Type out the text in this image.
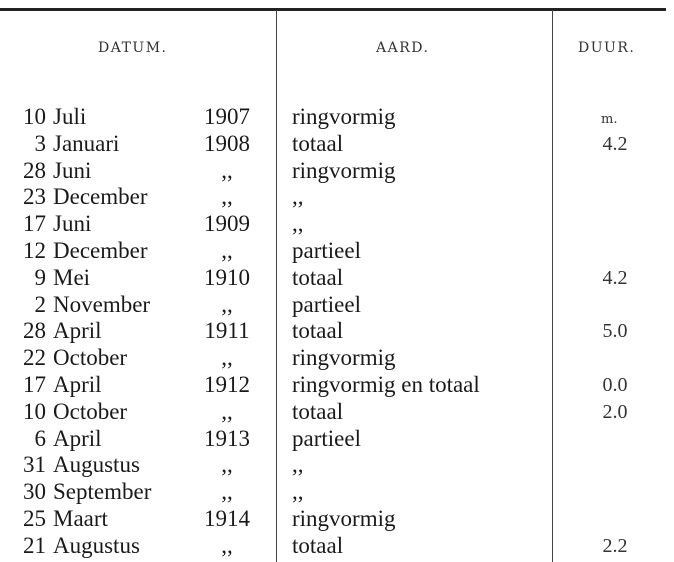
DATUM.	AARD.	DUUR.
m.
10 Juli	1907	ringvormig
3 Januari	1908	totaal	4.2
28 Juni	,,	ringvormig
23 December	,,	,,
17 Juni	1909	,,
12 December	,,	partieel
9 Mei	1910	totaal	4.2
2 November	,,	partieel
28 April	1911	totaal	5.0
22 October	,,	ringvormig
17 April	1912	ringvormig en totaal	0.0
10 October	,,	totaal	2.0
6 April	1913	partieel
31 Augustus	,,	,,
30 September	,,	,,
25 Maart	1914	ringvormig
21 Augustus	,,	totaal	2.2
